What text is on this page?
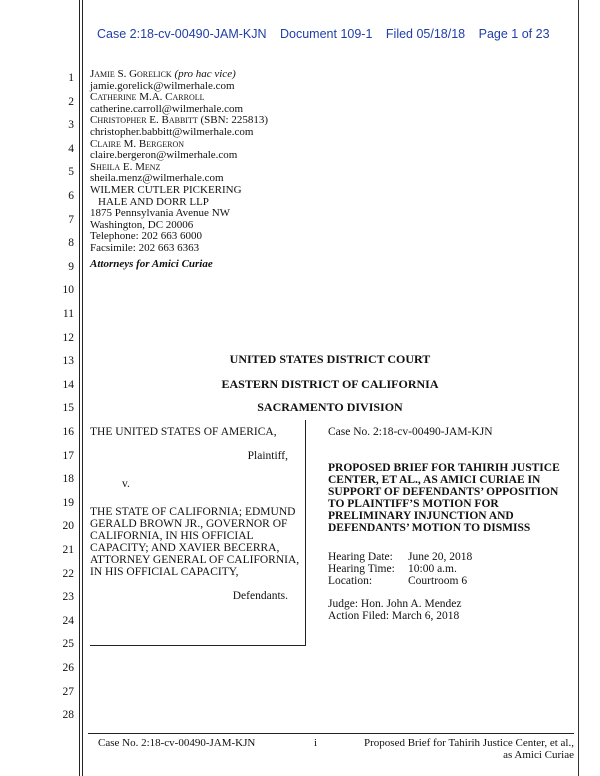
Case 2:18-cv-00490-JAM-KJN Document 109-1 Filed 05/18/18 Page 1 of 23
1
2
3
4
5
6
7
8
9
10
11
12
13
14
15
16
17
18
19
20
21
22
23
24
25
26
27
28
Jamie S. Gorelick (pro hac vice)
jamie.gorelick@wilmerhale.com
Catherine M.A. Carroll
catherine.carroll@wilmerhale.com
Christopher E. Babbitt (SBN: 225813)
christopher.babbitt@wilmerhale.com
Claire M. Bergeron
claire.bergeron@wilmerhale.com
Sheila E. Menz
sheila.menz@wilmerhale.com
WILMER CUTLER PICKERING
HALE AND DORR LLP
1875 Pennsylvania Avenue NW
Washington, DC 20006
Telephone: 202 663 6000
Facsimile: 202 663 6363
Attorneys for Amici Curiae
UNITED STATES DISTRICT COURT
EASTERN DISTRICT OF CALIFORNIA
SACRAMENTO DIVISION
THE UNITED STATES OF AMERICA,
Plaintiff,
v.
THE STATE OF CALIFORNIA; EDMUND GERALD BROWN JR., GOVERNOR OF CALIFORNIA, IN HIS OFFICIAL CAPACITY; AND XAVIER BECERRA, ATTORNEY GENERAL OF CALIFORNIA, IN HIS OFFICIAL CAPACITY,
Defendants.
Case No. 2:18-cv-00490-JAM-KJN
PROPOSED BRIEF FOR TAHIRIH JUSTICE CENTER, ET AL., AS AMICI CURIAE IN SUPPORT OF DEFENDANTS’ OPPOSITION TO PLAINTIFF’S MOTION FOR PRELIMINARY INJUNCTION AND DEFENDANTS’ MOTION TO DISMISS
Hearing Date: June 20, 2018
Hearing Time: 10:00 a.m.
Location:	Courtroom 6
Judge: Hon. John A. Mendez
Action Filed: March 6, 2018
Case No. 2:18-cv-00490-JAM-KJN	i	Proposed Brief for Tahirih Justice Center, et al., as Amici Curiae
